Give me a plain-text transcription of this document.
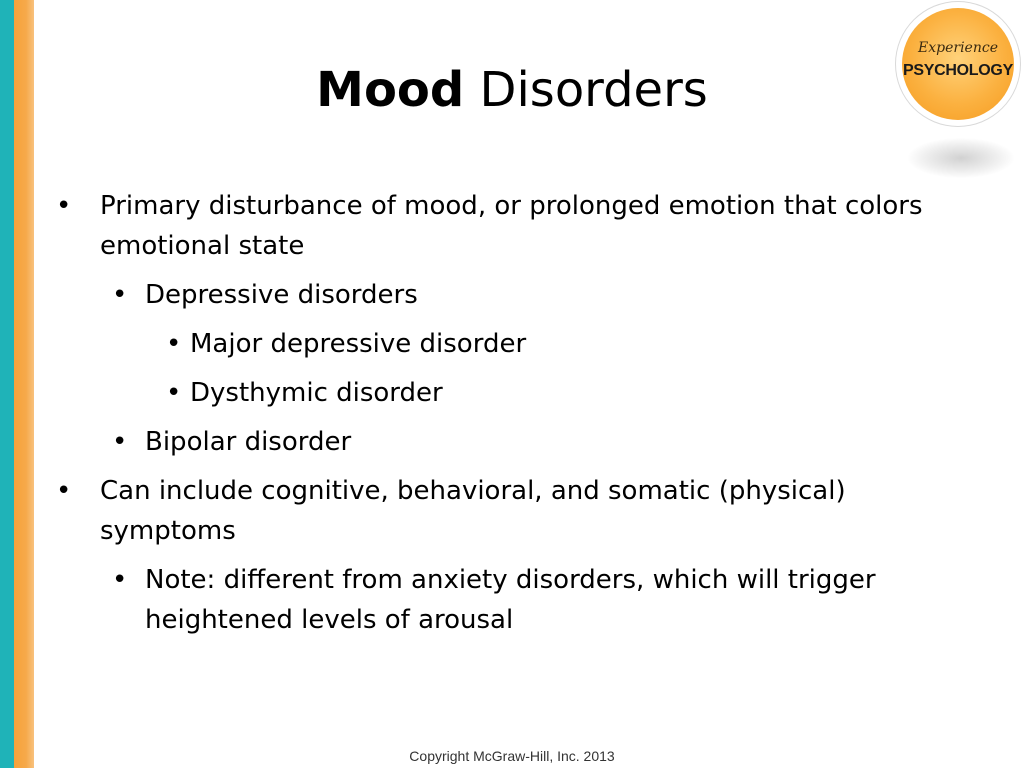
Mood Disorders
Experience
PSYCHOLOGY
• Primary disturbance of mood, or prolonged emotion that colors emotional state
• Depressive disorders
• Major depressive disorder
• Dysthymic disorder
• Bipolar disorder
• Can include cognitive, behavioral, and somatic (physical) symptoms
• Note: different from anxiety disorders, which will trigger heightened levels of arousal
Copyright McGraw-Hill, Inc. 2013
